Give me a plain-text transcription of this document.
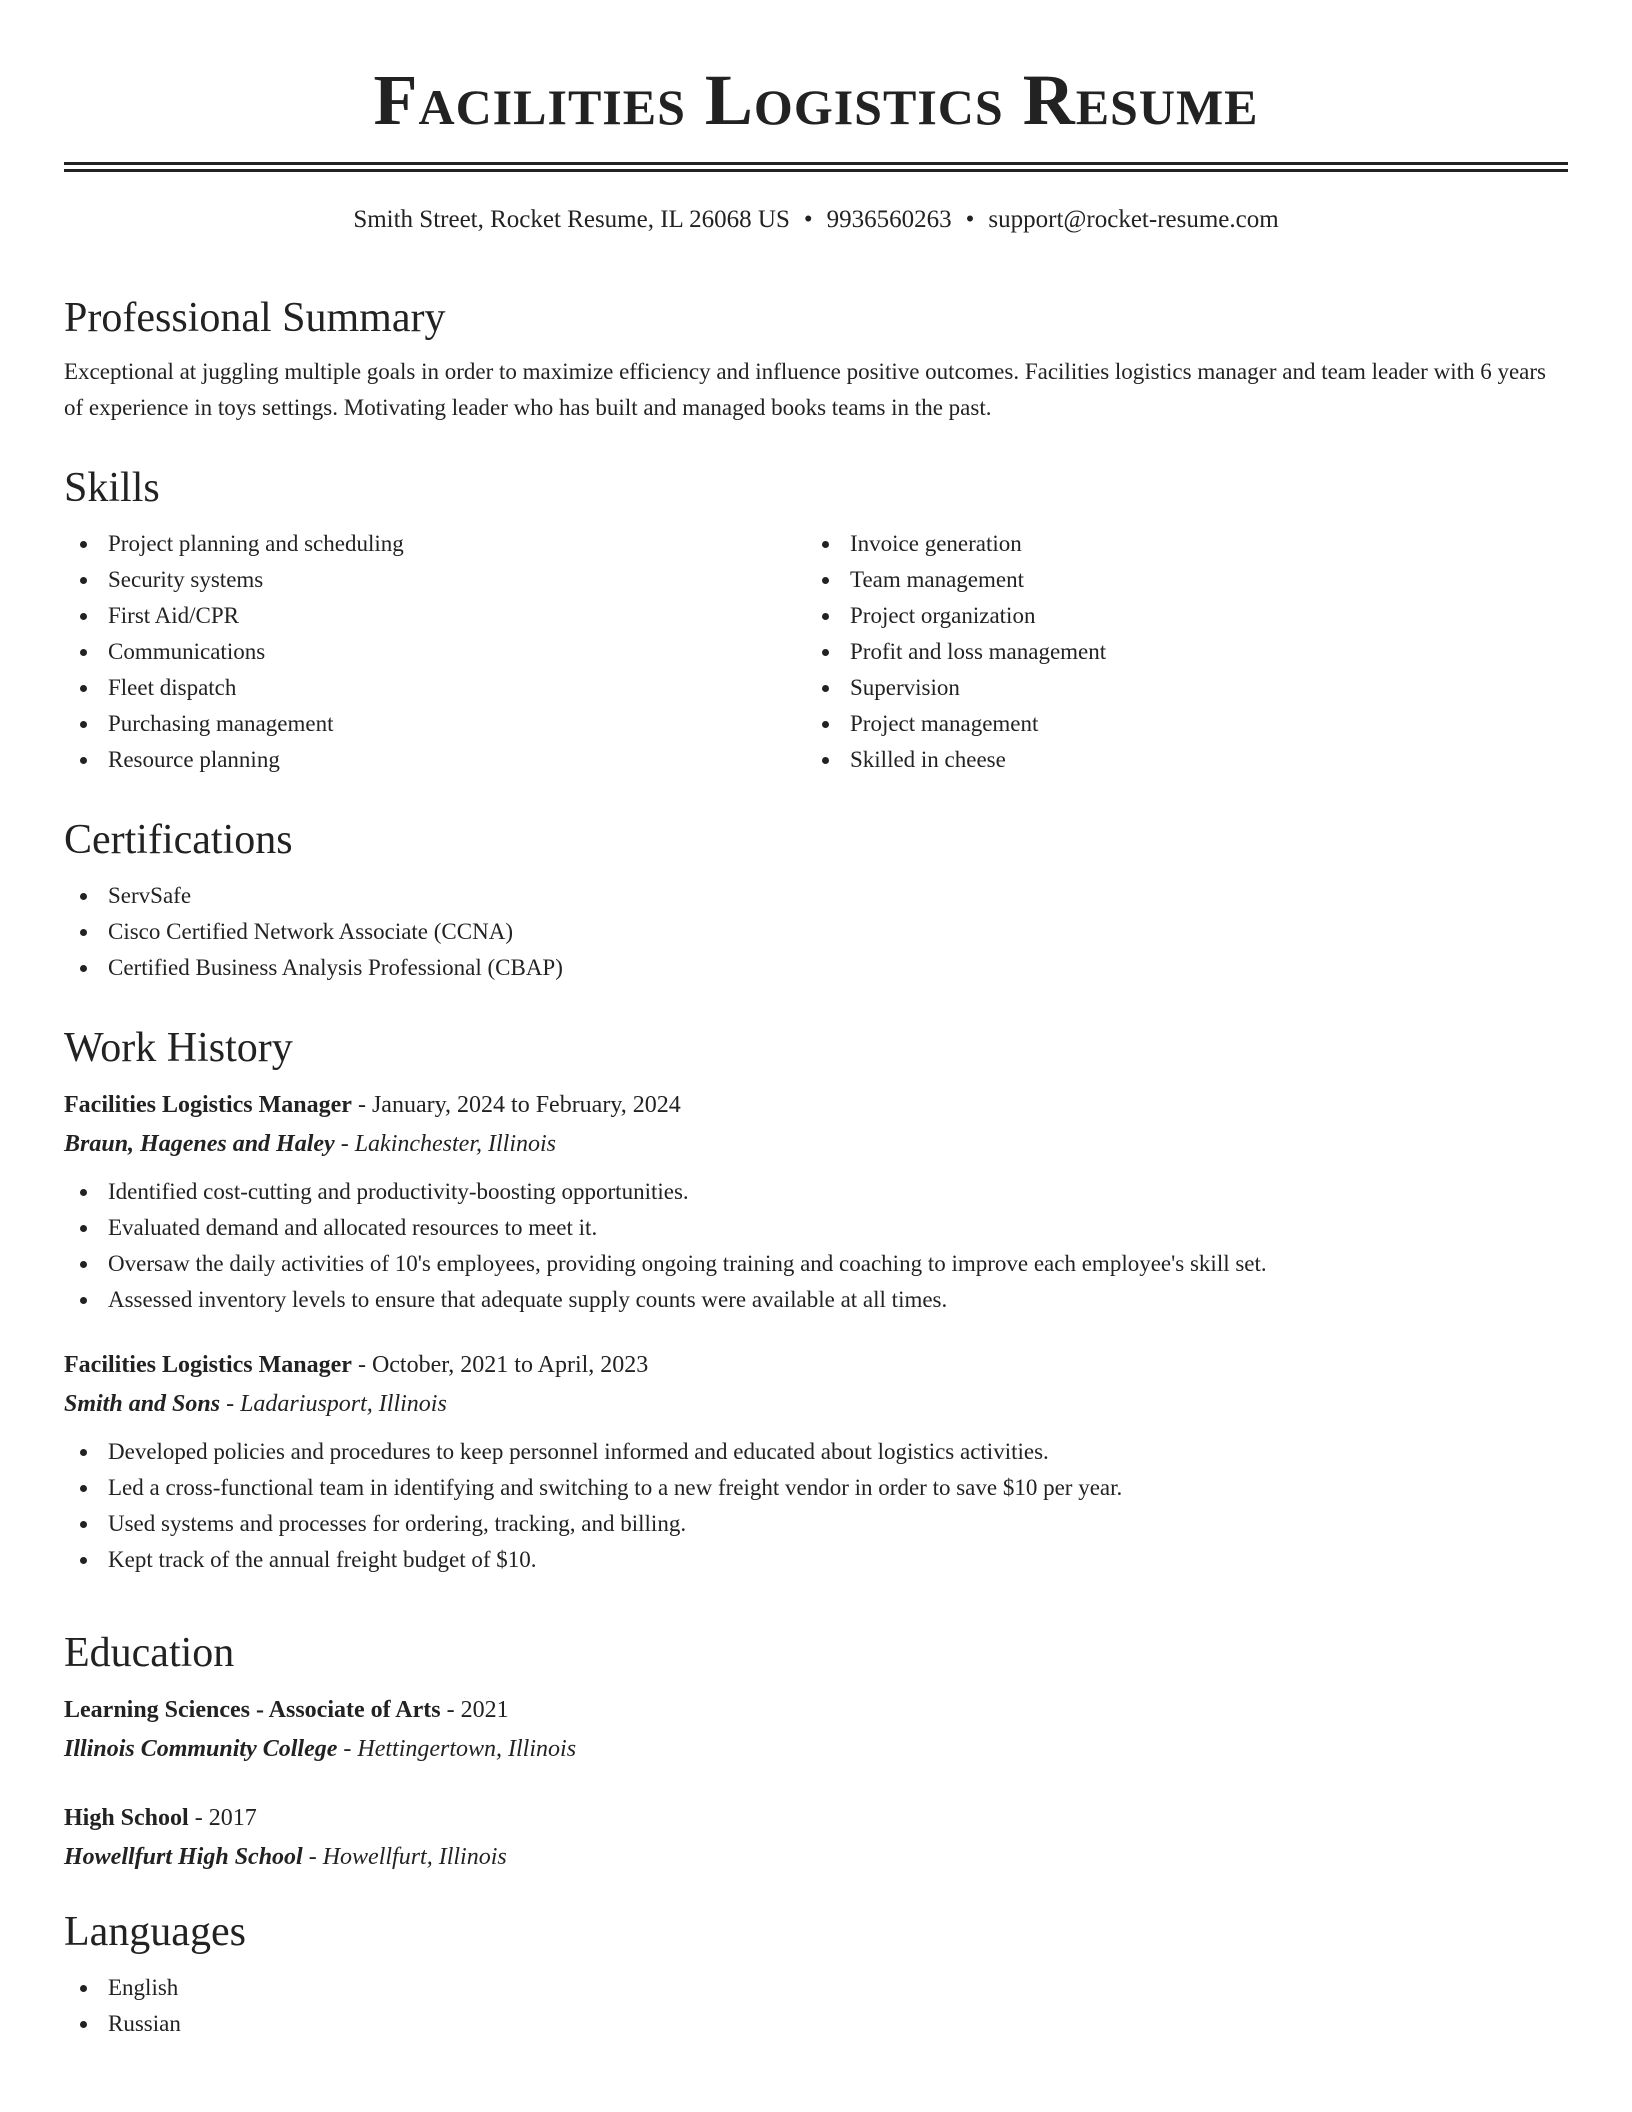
Facilities Logistics Resume
Smith Street, Rocket Resume, IL 26068 US • 9936560263 • support@rocket-resume.com
Professional Summary

Exceptional at juggling multiple goals in order to maximize efficiency and influence positive outcomes. Facilities logistics manager and team leader with 6 years of experience in toys settings. Motivating leader who has built and managed books teams in the past.

Skills
Project planning and scheduling
Security systems
First Aid/CPR
Communications
Fleet dispatch
Purchasing management
Resource planning
Invoice generation
Team management
Project organization
Profit and loss management
Supervision
Project management
Skilled in cheese
Certifications
ServSafe
Cisco Certified Network Associate (CCNA)
Certified Business Analysis Professional (CBAP)
Work History
Facilities Logistics Manager - January, 2024 to February, 2024
Braun, Hagenes and Haley - Lakinchester, Illinois
Identified cost-cutting and productivity-boosting opportunities.
Evaluated demand and allocated resources to meet it.
Oversaw the daily activities of 10's employees, providing ongoing training and coaching to improve each employee's skill set.
Assessed inventory levels to ensure that adequate supply counts were available at all times.
Facilities Logistics Manager - October, 2021 to April, 2023
Smith and Sons - Ladariusport, Illinois
Developed policies and procedures to keep personnel informed and educated about logistics activities.
Led a cross-functional team in identifying and switching to a new freight vendor in order to save $10 per year.
Used systems and processes for ordering, tracking, and billing.
Kept track of the annual freight budget of $10.
Education
Learning Sciences - Associate of Arts - 2021
Illinois Community College - Hettingertown, Illinois
High School - 2017
Howellfurt High School - Howellfurt, Illinois
Languages
English
Russian
